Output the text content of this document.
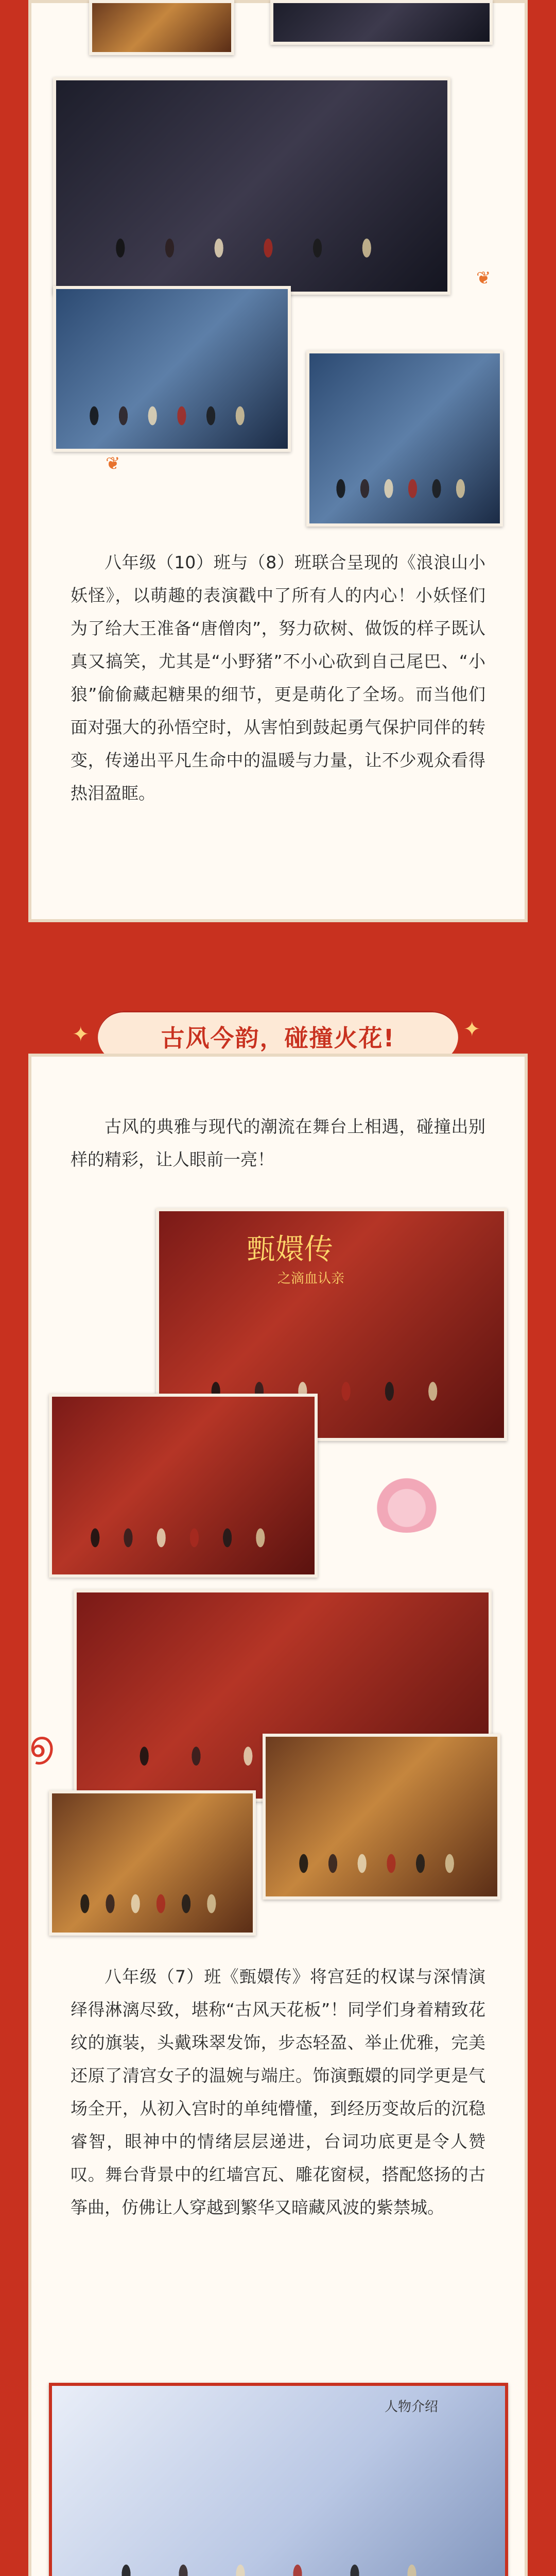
❦
❦

八年级（10）班与（8）班联合呈现的《浪浪山小妖怪》，以萌趣的表演戳中了所有人的内心！小妖怪们为了给大王准备“唐僧肉”，努力砍树、做饭的样子既认真又搞笑，尤其是“小野猪”不小心砍到自己尾巴、“小狼”偷偷藏起糖果的细节，更是萌化了全场。而当他们面对强大的孙悟空时，从害怕到鼓起勇气保护同伴的转变，传递出平凡生命中的温暖与力量，让不少观众看得热泪盈眶。

✦	古风今韵，碰撞火花!	✦

古风的典雅与现代的潮流在舞台上相遇，碰撞出别样的精彩，让人眼前一亮！

甄嬛传
之滴血认亲
൭

八年级（7）班《甄嬛传》将宫廷的权谋与深情演绎得淋漓尽致，堪称“古风天花板”！同学们身着精致花纹的旗装，头戴珠翠发饰，步态轻盈、举止优雅，完美还原了清宫女子的温婉与端庄。饰演甄嬛的同学更是气场全开，从初入宫时的单纯懵懂，到经历变故后的沉稳睿智，眼神中的情绪层层递进，台词功底更是令人赞叹。舞台背景中的红墙宫瓦、雕花窗棂，搭配悠扬的古筝曲，仿佛让人穿越到繁华又暗藏风波的紫禁城。

人物介绍
